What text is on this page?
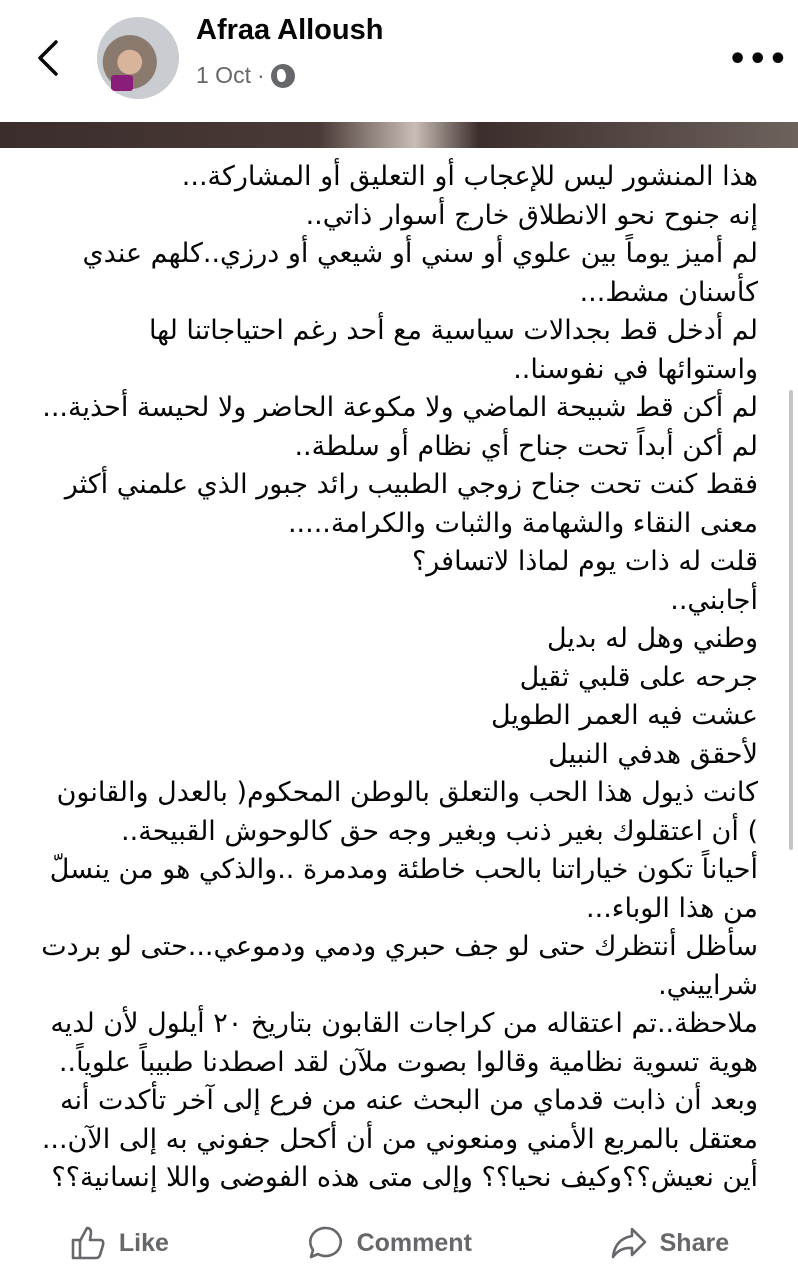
Afraa Alloush
1 Oct ·	•••
هذا المنشور ليس للإعجاب أو التعليق أو المشاركة...
إنه جنوح نحو الانطلاق خارج أسوار ذاتي..
لم أميز يوماً بين علوي أو سني أو شيعي أو درزي..كلهم عندي
كأسنان مشط...
لم أدخل قط بجدالات سياسية مع أحد رغم احتياجاتنا لها
واستوائها في نفوسنا..
لم أكن قط شبيحة الماضي ولا مكوعة الحاضر ولا لحيسة أحذية...
لم أكن أبداً تحت جناح أي نظام أو سلطة..
فقط كنت تحت جناح زوجي الطبيب رائد جبور الذي علمني أكثر
معنى النقاء والشهامة والثبات والكرامة.....
قلت له ذات يوم لماذا لاتسافر؟
أجابني..
وطني وهل له بديل
جرحه على قلبي ثقيل
عشت فيه العمر الطويل
لأحقق هدفي النبيل
كانت ذيول هذا الحب والتعلق بالوطن المحكوم( بالعدل والقانون
) أن اعتقلوك بغير ذنب وبغير وجه حق كالوحوش القبيحة..
أحياناً تكون خياراتنا بالحب خاطئة ومدمرة ..والذكي هو من ينسلّ
من هذا الوباء...
سأظل أنتظرك حتى لو جف حبري ودمي ودموعي...حتى لو بردت
شراييني.
ملاحظة..تم اعتقاله من كراجات القابون بتاريخ ٢٠ أيلول لأن لديه
هوية تسوية نظامية وقالوا بصوت ملآن لقد اصطدنا طبيباً علوياً..
وبعد أن ذابت قدماي من البحث عنه من فرع إلى آخر تأكدت أنه
معتقل بالمربع الأمني ومنعوني من أن أكحل جفوني به إلى الآن...
أين نعيش؟؟وكيف نحيا؟؟ وإلى متى هذه الفوضى واللا إنسانية؟؟
Like	Comment	Share
